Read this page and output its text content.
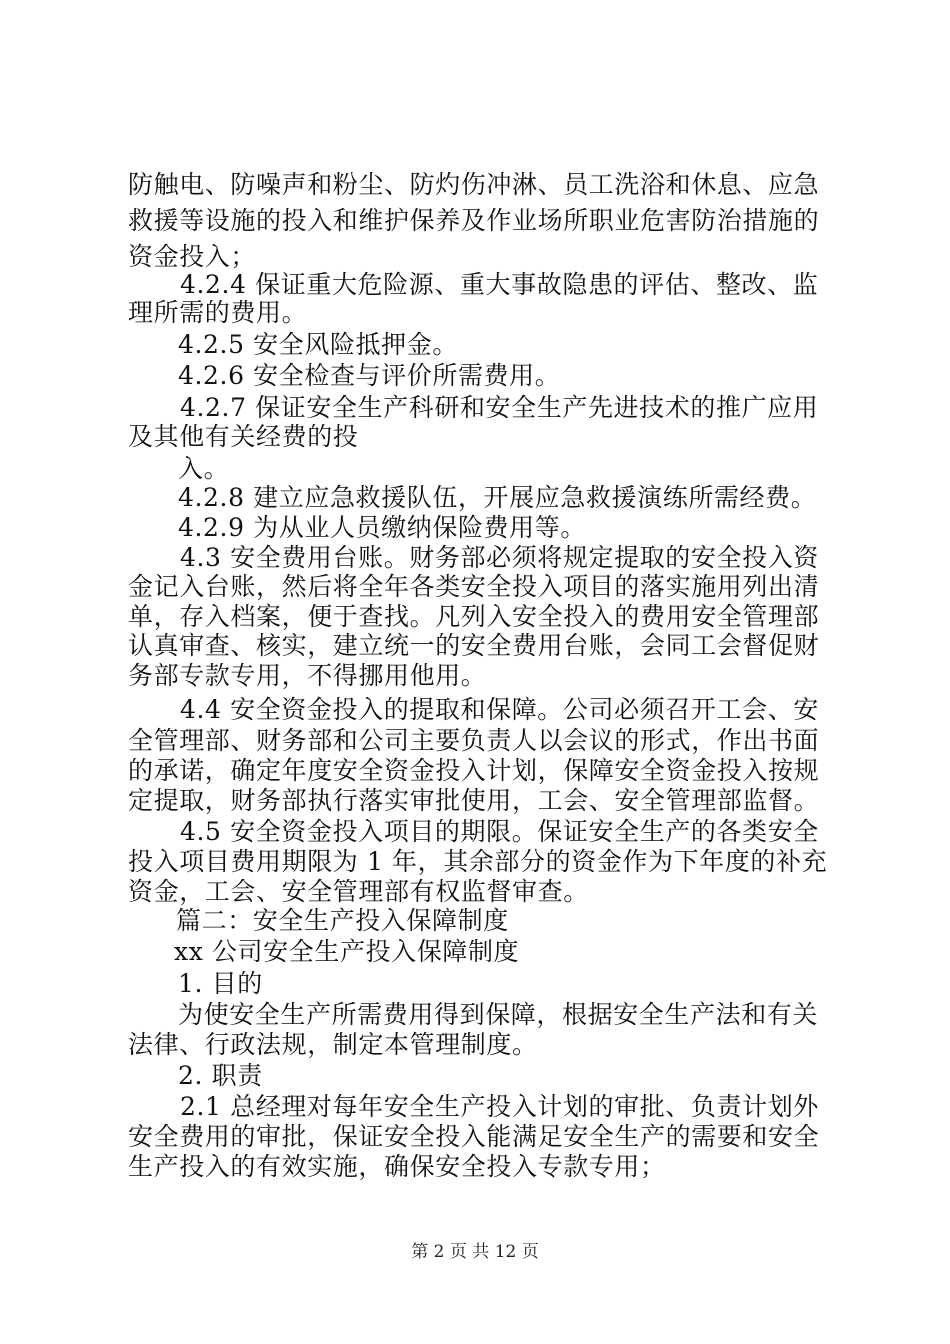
防触电、防噪声和粉尘、防灼伤冲淋、员工洗浴和休息、应急
救援等设施的投入和维护保养及作业场所职业危害防治措施的
资金投入；
4.2.4 保证重大危险源、重大事故隐患的评估、整改、监
理所需的费用。
4.2.5 安全风险抵押金。
4.2.6 安全检查与评价所需费用。
4.2.7 保证安全生产科研和安全生产先进技术的推广应用
及其他有关经费的投
入。
4.2.8 建立应急救援队伍，开展应急救援演练所需经费。
4.2.9 为从业人员缴纳保险费用等。
4.3 安全费用台账。财务部必须将规定提取的安全投入资
金记入台账，然后将全年各类安全投入项目的落实施用列出清
单，存入档案，便于查找。凡列入安全投入的费用安全管理部
认真审查、核实，建立统一的安全费用台账，会同工会督促财
务部专款专用，不得挪用他用。
4.4 安全资金投入的提取和保障。公司必须召开工会、安
全管理部、财务部和公司主要负责人以会议的形式，作出书面
的承诺，确定年度安全资金投入计划，保障安全资金投入按规
定提取，财务部执行落实审批使用，工会、安全管理部监督。
4.5 安全资金投入项目的期限。保证安全生产的各类安全
投入项目费用期限为 1 年，其余部分的资金作为下年度的补充
资金，工会、安全管理部有权监督审查。
篇二：安全生产投入保障制度
xx 公司安全生产投入保障制度
1. 目的
为使安全生产所需费用得到保障，根据安全生产法和有关
法律、行政法规，制定本管理制度。
2. 职责
2.1 总经理对每年安全生产投入计划的审批、负责计划外
安全费用的审批，保证安全投入能满足安全生产的需要和安全
生产投入的有效实施，确保安全投入专款专用；
第 2 页 共 12 页
